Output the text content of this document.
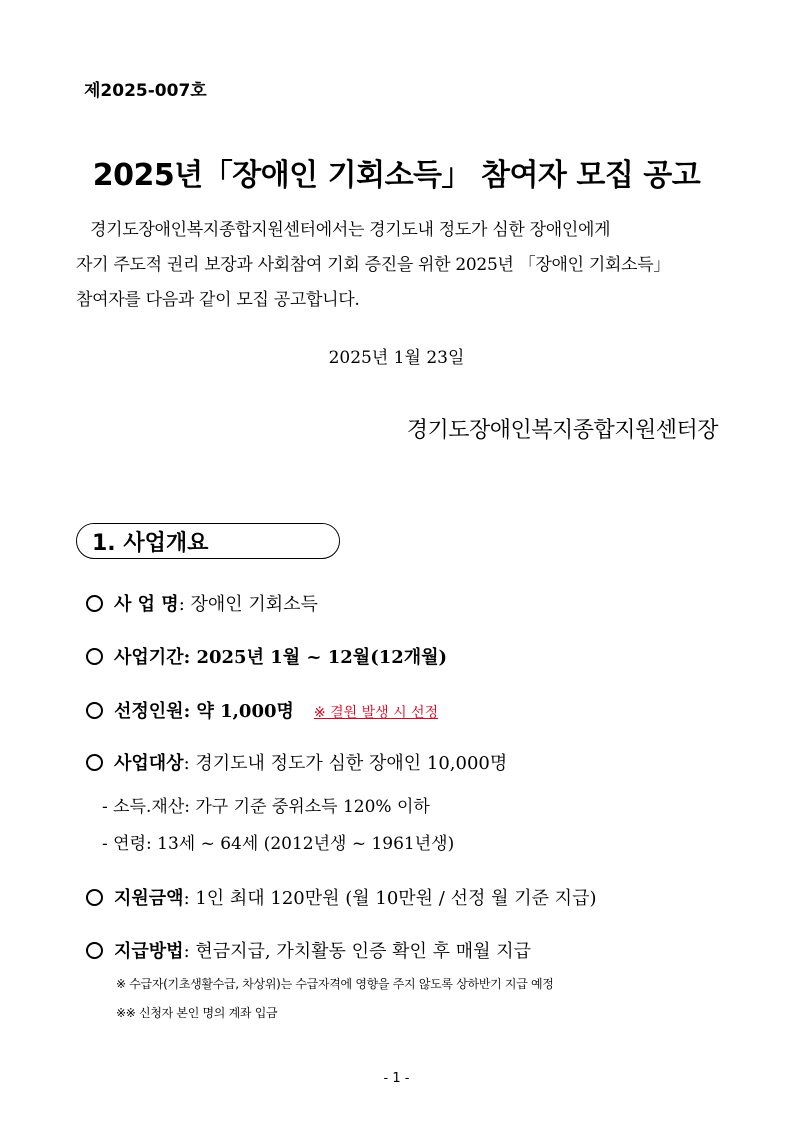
제2025-007호
2025년「장애인 기회소득」 참여자 모집 공고
경기도장애인복지종합지원센터에서는 경기도내 정도가 심한 장애인에게
자기 주도적 권리 보장과 사회참여 기회 증진을 위한 2025년 「장애인 기회소득」
참여자를 다음과 같이 모집 공고합니다.
2025년 1월 23일
경기도장애인복지종합지원센터장
1. 사업개요
사 업 명 : 장애인 기회소득
사업기간 : 2025년 1월 ~ 12월(12개월)
선정인원 : 약 1,000명 ※ 결원 발생 시 선정
사업대상 : 경기도내 정도가 심한 장애인 10,000명
- 소득.재산: 가구 기준 중위소득 120% 이하
- 연령: 13세 ~ 64세 (2012년생 ~ 1961년생)
지원금액 : 1인 최대 120만원 (월 10만원 / 선정 월 기준 지급)
지급방법 : 현금지급, 가치활동 인증 확인 후 매월 지급
※ 수급자(기초생활수급, 차상위)는 수급자격에 영향을 주지 않도록 상하반기 지급 예정
※※ 신청자 본인 명의 계좌 입금
- 1 -
